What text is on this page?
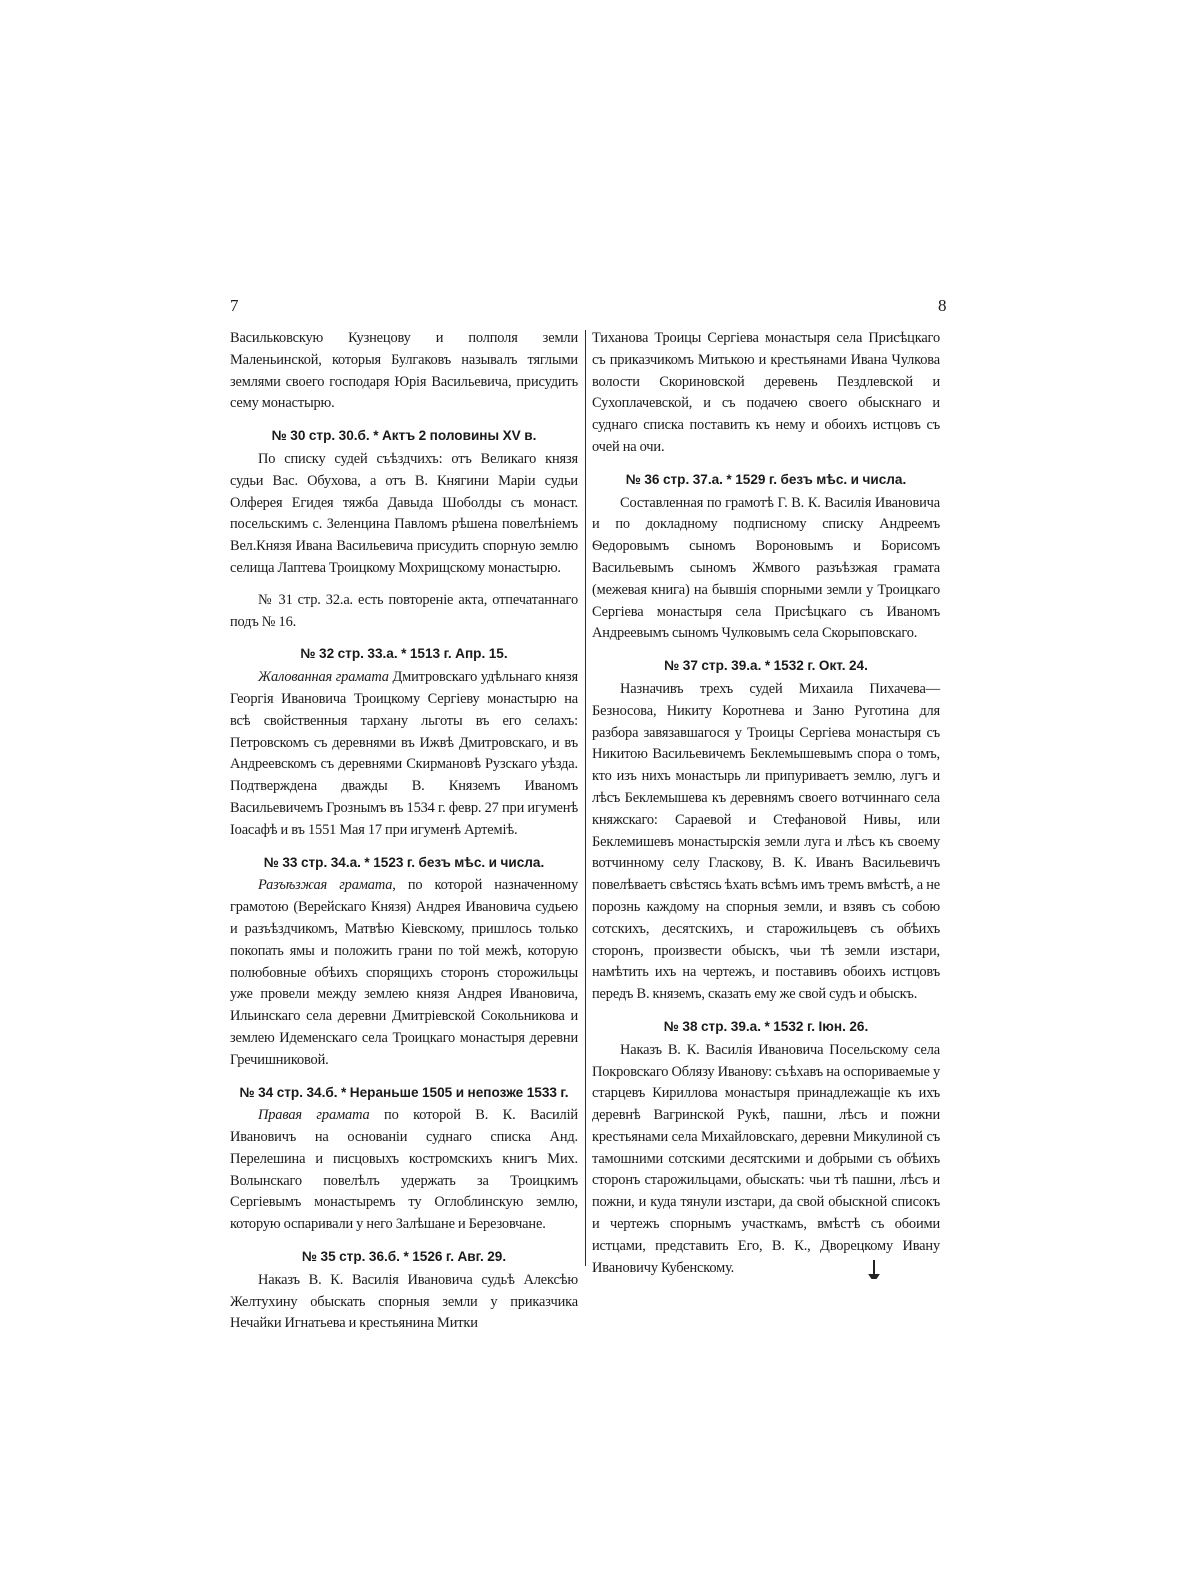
7	8

Васильковскую Кузнецову и полполя земли Маленьинской, которыя Булгаковъ называлъ тяглыми землями своего господаря Юрія Васильевича, присудить сему монастырю.

№ 30 стр. 30.б. * Актъ 2 половины XV в.

По списку судей съѣздчихъ: отъ Великаго князя судьи Вас. Обухова, а отъ В. Княгини Маріи судьи Олферея Егидея тяжба Давыда Шоболды съ монаст. посельскимъ с. Зеленцина Павломъ рѣшена повелѣніемъ Вел.Князя Ивана Васильевича присудить спорную землю селища Лаптева Троицкому Мохрищскому монастырю.

№ 31 стр. 32.а. есть повтореніе акта, отпечатаннаго подъ № 16.

№ 32 стр. 33.а. * 1513 г. Апр. 15.

Жалованная грамата Дмитровскаго удѣльнаго князя Георгія Ивановича Троицкому Сергіеву монастырю на всѣ свойственныя тархану льготы въ его селахъ: Петровскомъ съ деревнями въ Ижвѣ Дмитровскаго, и въ Андреевскомъ съ деревнями Скирмановѣ Рузскаго уѣзда. Подтверждена дважды В. Княземъ Иваномъ Васильевичемъ Грознымъ въ 1534 г. февр. 27 при игуменѣ Іоасафѣ и въ 1551 Мая 17 при игуменѣ Артеміѣ.

№ 33 стр. 34.а. * 1523 г. безъ мѣс. и числа.

Разъѣзжая грамата, по которой назначенному грамотою (Верейскаго Князя) Андрея Ивановича судьею и разъѣздчикомъ, Матвѣю Кіевскому, пришлось только покопать ямы и положить грани по той межѣ, которую полюбовные обѣихъ спорящихъ сторонъ сторожильцы уже провели между землею князя Андрея Ивановича, Ильинскаго села деревни Дмитріевской Сокольникова и землею Идеменскаго села Троицкаго монастыря деревни Гречишниковой.

№ 34 стр. 34.б. * Нераньше 1505 и непозже 1533 г.

Правая грамата по которой В. К. Василій Ивановичъ на основаніи суднаго списка Анд. Перелешина и писцовыхъ костромскихъ книгъ Мих. Волынскаго повелѣлъ удержать за Троицкимъ Сергіевымъ монастыремъ ту Оглоблинскую землю, которую оспаривали у него Залѣшане и Березовчане.

№ 35 стр. 36.б. * 1526 г. Авг. 29.

Наказъ В. К. Василія Ивановича судьѣ Алексѣю Желтухину обыскать спорныя земли у приказчика Нечайки Игнатьева и крестьянина Митки

Тиханова Троицы Сергіева монастыря села Присѣцкаго съ приказчикомъ Митькою и крестьянами Ивана Чулкова волости Скориновской деревень Пездлевской и Сухоплачевской, и съ подачею своего обыскнаго и суднаго списка поставить къ нему и обоихъ истцовъ съ очей на очи.

№ 36 стр. 37.а. * 1529 г. безъ мѣс. и числа.

Составленная по грамотѣ Г. В. К. Василія Ивановича и по докладному подписному списку Андреемъ Ѳедоровымъ сыномъ Вороновымъ и Борисомъ Васильевымъ сыномъ Жмвого разъѣзжая грамата (межевая книга) на бывшія спорными земли у Троицкаго Сергіева монастыря села Присѣцкаго съ Иваномъ Андреевымъ сыномъ Чулковымъ села Скорыповскаго.

№ 37 стр. 39.а. * 1532 г. Окт. 24.

Назначивъ трехъ судей Михаила Пихачева—Безносова, Никиту Коротнева и Заню Руготина для разбора завязавшагося у Троицы Сергіева монастыря съ Никитою Васильевичемъ Беклемышевымъ спора о томъ, кто изъ нихъ монастырь ли припуриваетъ землю, лугъ и лѣсъ Беклемышева къ деревнямъ своего вотчиннаго села княжскаго: Сараевой и Стефановой Нивы, или Беклемишевъ монастырскія земли луга и лѣсъ къ своему вотчинному селу Гласкову, В. К. Иванъ Васильевичъ повелѣваетъ свѣстясь ѣхать всѣмъ имъ тремъ вмѣстѣ, а не порознь каждому на спорныя земли, и взявъ съ собою сотскихъ, десятскихъ, и старожильцевъ съ обѣихъ сторонъ, произвести обыскъ, чьи тѣ земли изстари, намѣтить ихъ на чертежъ, и поставивъ обоихъ истцовъ передъ В. княземъ, сказать ему же свой судъ и обыскъ.

№ 38 стр. 39.а. * 1532 г. Іюн. 26.

Наказъ В. К. Василія Ивановича Посельскому села Покровскаго Облязу Иванову: съѣхавъ на оспориваемые у старцевъ Кириллова монастыря принадлежащіе къ ихъ деревнѣ Вагринской Рукѣ, пашни, лѣсъ и пожни крестьянами села Михайловскаго, деревни Микулиной съ тамошними сотскими десятскими и добрыми съ обѣихъ сторонъ старожильцами, обыскать: чьи тѣ пашни, лѣсъ и пожни, и куда тянули изстари, да свой обыскной списокъ и чертежъ спорнымъ участкамъ, вмѣстѣ съ обоими истцами, представить Его, В. К., Дворецкому Ивану Ивановичу Кубенскому.
